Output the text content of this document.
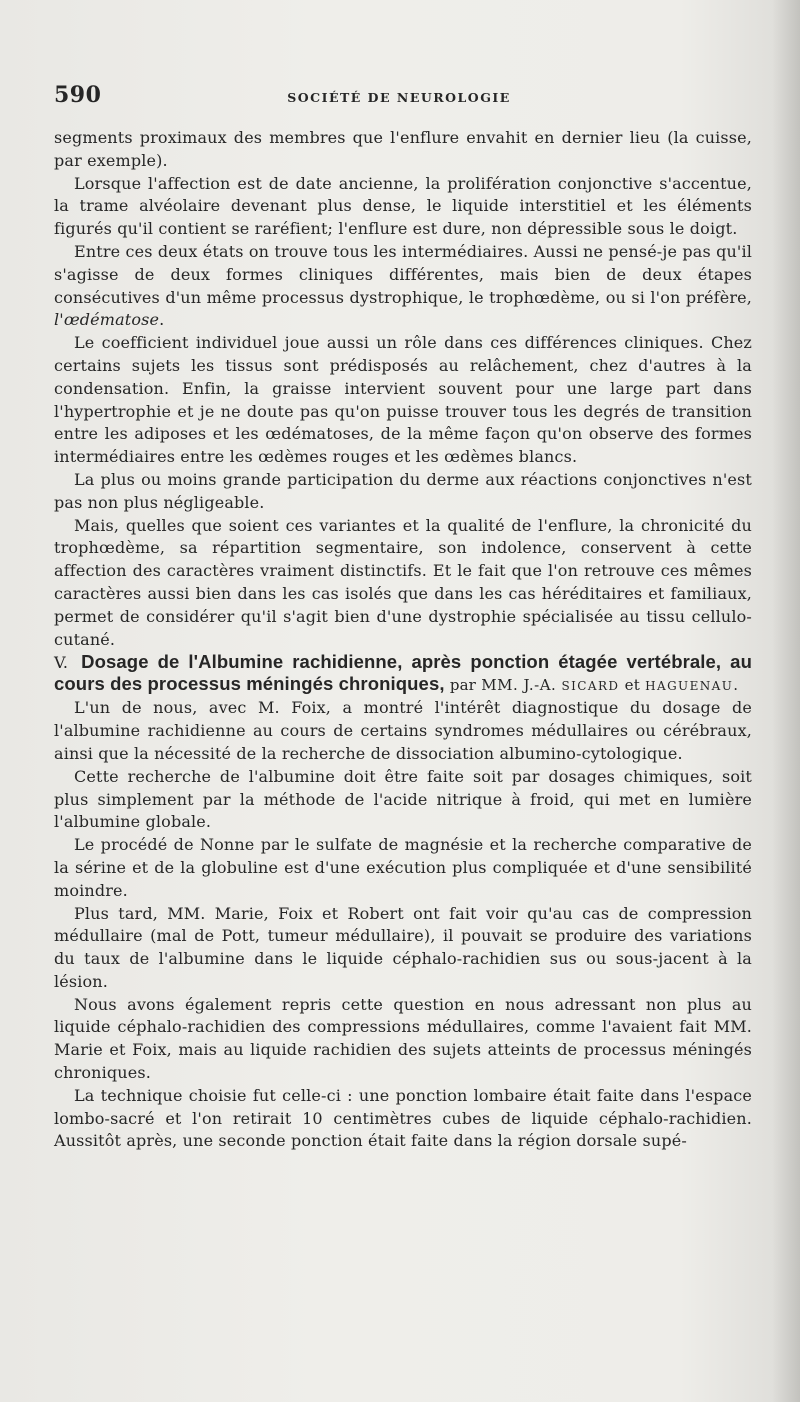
590	SOCIÉTÉ DE NEUROLOGIE

segments proximaux des membres que l'enflure envahit en dernier lieu (la cuisse, par exemple).

Lorsque l'affection est de date ancienne, la prolifération conjonctive s'accentue, la trame alvéolaire devenant plus dense, le liquide interstitiel et les éléments figurés qu'il contient se raréfient; l'enflure est dure, non dépressible sous le doigt.

Entre ces deux états on trouve tous les intermédiaires. Aussi ne pensé-je pas qu'il s'agisse de deux formes cliniques différentes, mais bien de deux étapes consécutives d'un même processus dystrophique, le trophœdème, ou si l'on préfère, l'œdématose.

Le coefficient individuel joue aussi un rôle dans ces différences cliniques. Chez certains sujets les tissus sont prédisposés au relâchement, chez d'autres à la condensation. Enfin, la graisse intervient souvent pour une large part dans l'hypertrophie et je ne doute pas qu'on puisse trouver tous les degrés de transition entre les adiposes et les œdématoses, de la même façon qu'on observe des formes intermédiaires entre les œdèmes rouges et les œdèmes blancs.

La plus ou moins grande participation du derme aux réactions conjonctives n'est pas non plus négligeable.

Mais, quelles que soient ces variantes et la qualité de l'enflure, la chronicité du trophœdème, sa répartition segmentaire, son indolence, conservent à cette affection des caractères vraiment distinctifs. Et le fait que l'on retrouve ces mêmes caractères aussi bien dans les cas isolés que dans les cas héréditaires et familiaux, permet de considérer qu'il s'agit bien d'une dystrophie spécialisée au tissu cellulo-cutané.

V. Dosage de l'Albumine rachidienne, après ponction étagée vertébrale, au cours des processus méningés chroniques, par MM. J.-A. SICARD et HAGUENAU.

L'un de nous, avec M. Foix, a montré l'intérêt diagnostique du dosage de l'albumine rachidienne au cours de certains syndromes médullaires ou cérébraux, ainsi que la nécessité de la recherche de dissociation albumino-cytologique.

Cette recherche de l'albumine doit être faite soit par dosages chimiques, soit plus simplement par la méthode de l'acide nitrique à froid, qui met en lumière l'albumine globale.

Le procédé de Nonne par le sulfate de magnésie et la recherche comparative de la sérine et de la globuline est d'une exécution plus compliquée et d'une sensibilité moindre.

Plus tard, MM. Marie, Foix et Robert ont fait voir qu'au cas de compression médullaire (mal de Pott, tumeur médullaire), il pouvait se produire des variations du taux de l'albumine dans le liquide céphalo-rachidien sus ou sous-jacent à la lésion.

Nous avons également repris cette question en nous adressant non plus au liquide céphalo-rachidien des compressions médullaires, comme l'avaient fait MM. Marie et Foix, mais au liquide rachidien des sujets atteints de processus méningés chroniques.

La technique choisie fut celle-ci : une ponction lombaire était faite dans l'espace lombo-sacré et l'on retirait 10 centimètres cubes de liquide céphalo-rachidien. Aussitôt après, une seconde ponction était faite dans la région dorsale supé-
